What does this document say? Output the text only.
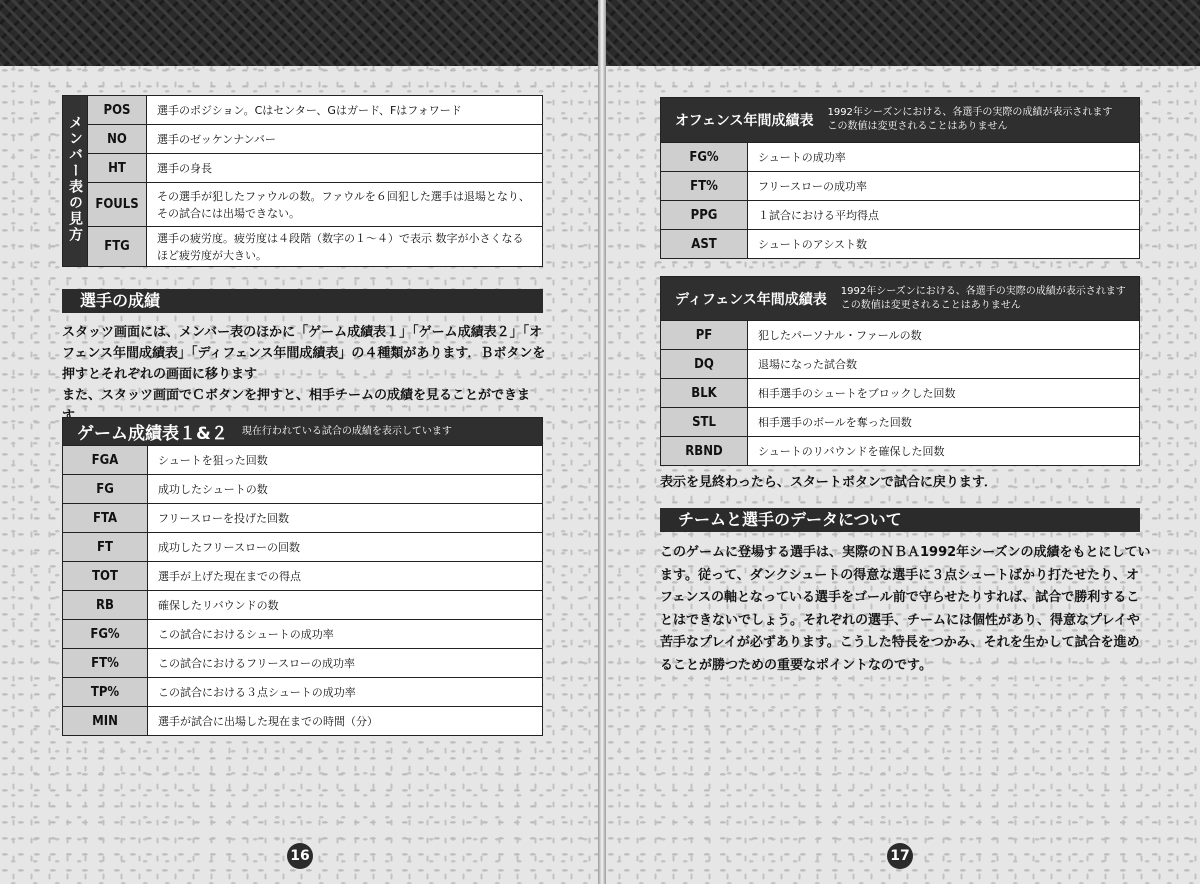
メンバー表の見方	POS	選手のポジション。Cはセンター、Gはガード、Fはフォワード
	NO	選手のゼッケンナンバー
	HT	選手の身長
	FOULS	その選手が犯したファウルの数。ファウルを６回犯した選手は退場となり、その試合には出場できない。
	FTG	選手の疲労度。疲労度は４段階（数字の１～４）で表示 数字が小さくなるほど疲労度が大きい。
選手の成績

スタッツ画面には、メンバー表のほかに「ゲーム成績表１」「ゲーム成績表２」「オ

フェンス年間成績表」「ディフェンス年間成績表」の４種類があります．Ｂボタンを

押すとそれぞれの画面に移ります

また、スタッツ画面でＣボタンを押すと、相手チームの成績を見ることができま

ゲーム成績表１&２	現在行われている試合の成績を表示しています
FGA	シュートを狙った回数
FG	成功したシュートの数
FTA	フリースローを投げた回数
FT	成功したフリースローの回数
TOT	選手が上げた現在までの得点
RB	確保したリバウンドの数
FG%	この試合におけるシュートの成功率
FT%	この試合におけるフリースローの成功率
TP%	この試合における３点シュートの成功率
MIN	選手が試合に出場した現在までの時間（分）
16
オフェンス年間成績表
1992年シーズンにおける、各選手の実際の成績が表示されます
この数値は変更されることはありません
FG%	シュートの成功率
FT%	フリースローの成功率
PPG	１試合における平均得点
AST	シュートのアシスト数
ディフェンス年間成績表
1992年シーズンにおける、各選手の実際の成績が表示されます
この数値は変更されることはありません
PF	犯したパーソナル・ファールの数
DQ	退場になった試合数
BLK	相手選手のシュートをブロックした回数
STL	相手選手のボールを奪った回数
RBND	シュートのリバウンドを確保した回数
表示を見終わったら、スタートボタンで試合に戻ります．
チームと選手のデータについて

このゲームに登場する選手は、実際のＮＢＡ1992年シーズンの成績をもとにしてい

ます。従って、ダンクシュートの得意な選手に３点シュートばかり打たせたり、オ

フェンスの軸となっている選手をゴール前で守らせたりすれば、試合で勝利するこ

とはできないでしょう。それぞれの選手、チームには個性があり、得意なプレイや

苦手なプレイが必ずあります。こうした特長をつかみ、それを生かして試合を進め

ることが勝つための重要なポイントなのです。

17
